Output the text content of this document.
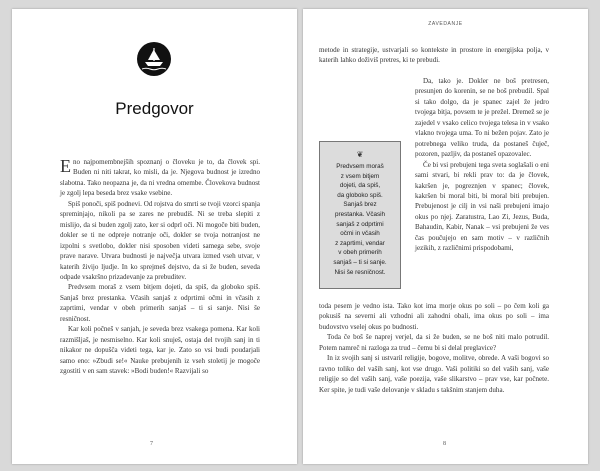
Predgovor

Eno najpomembnejših spoznanj o človeku je to, da človek spi. Buden ni niti takrat, ko misli, da je. Njegova budnost je izredno slabotna. Tako neopazna je, da ni vredna omembe. Človekova budnost je zgolj lepa beseda brez vsake vsebine.

Spiš ponoči, spiš podnevi. Od rojstva do smrti se tvoji vzorci spanja spreminjajo, nikoli pa se zares ne prebudiš. Ni se treba slepiti z mislijo, da si buden zgolj zato, ker si odprl oči. Ni mogoče biti buden, dokler se ti ne odpreje notranje oči, dokler se tvoja notranjost ne izpolni s svetlobo, dokler nisi sposoben videti samega sebe, svoje prave narave. Utvara budnosti je največja utvara izmed vseh utvar, v katerih živijo ljudje. In ko sprejmeš dejstvo, da si že buden, seveda odpade vsakršno prizadevanje za prebuditev.

Predvsem moraš z vsem bitjem dojeti, da spiš, da globoko spiš. Sanjaš brez prestanka. Včasih sanjaš z odprtimi očmi in včasih z zaprtimi, vendar v obeh primerih sanjaš – ti si sanje. Nisi še resničnost.

Kar koli počneš v sanjah, je seveda brez vsakega pomena. Kar koli razmišljaš, je nesmiselno. Kar koli snuješ, ostaja del tvojih sanj in ti nikakor ne dopušča videti tega, kar je. Zato so vsi budi poudarjali samo eno: »Zbudi se!« Nauke prebujenih iz vseh stoletij je mogoče zgostiti v en sam stavek: »Bodi buden!« Razvijali so

7
ZAVEDANJE

metode in strategije, ustvarjali so kontekste in prostore in energijska polja, v katerih lahko doživiš pretres, ki te prebudi.

Da, tako je. Dokler ne boš pretresen, presunjen do korenin, se ne boš prebudil. Spal si tako dolgo, da je spanec zajel že jedro tvojega bitja, povsem te je prežel. Dremež se je zajedel v vsako celico tvojega telesa in v vsako vlakno tvojega uma. To ni bežen pojav. Zato je potrebnega veliko truda, da postaneš čuječ, pozoren, pazljiv, da postaneš opazovalec.

Če bi vsi prebujeni tega sveta soglašali o eni sami stvari, bi rekli prav to: da je človek, kakršen je, pogreznjen v spanec; človek, kakršen bi moral biti, bi moral biti prebujen. Prebujenost je cilj in vsi naši prebujeni imajo okus po njej. Zaratustra, Lao Zi, Jezus, Buda, Bahaudin, Kabir, Nanak – vsi prebujeni že ves čas poučujejo en sam motiv – v različnih jezikih, z različnimi prispodobami,

❦

Predvsem moraš

z vsem bitjem

dojeti, da spiš,

da globoko spiš.

Sanjaš brez

prestanka. Včasih

sanjaš z odprtimi

očmi in včasih

z zaprtimi, vendar

v obeh primerih

sanjaš – ti si sanje.

Nisi še resničnost.

toda pesem je vedno ista. Tako kot ima morje okus po soli – po čem koli ga pokusiš na severni ali vzhodni ali zahodni obali, ima okus po soli – ima budovstvo vselej okus po budnosti.

Toda če boš še naprej verjel, da si že buden, se ne boš niti malo potrudil. Potem namreč ni razloga za trud – čemu bi si delal preglavice?

In iz svojih sanj si ustvaril religije, bogove, molitve, obrede. A vaši bogovi so ravno toliko del vaših sanj, kot vse drugo. Vaši politiki so del vaših sanj, vaše religije so del vaših sanj, vaše poezija, vaše slikarstvo – prav vse, kar počnete. Ker spite, je tudi vaše delovanje v skladu s takšnim stanjem duha.

8
